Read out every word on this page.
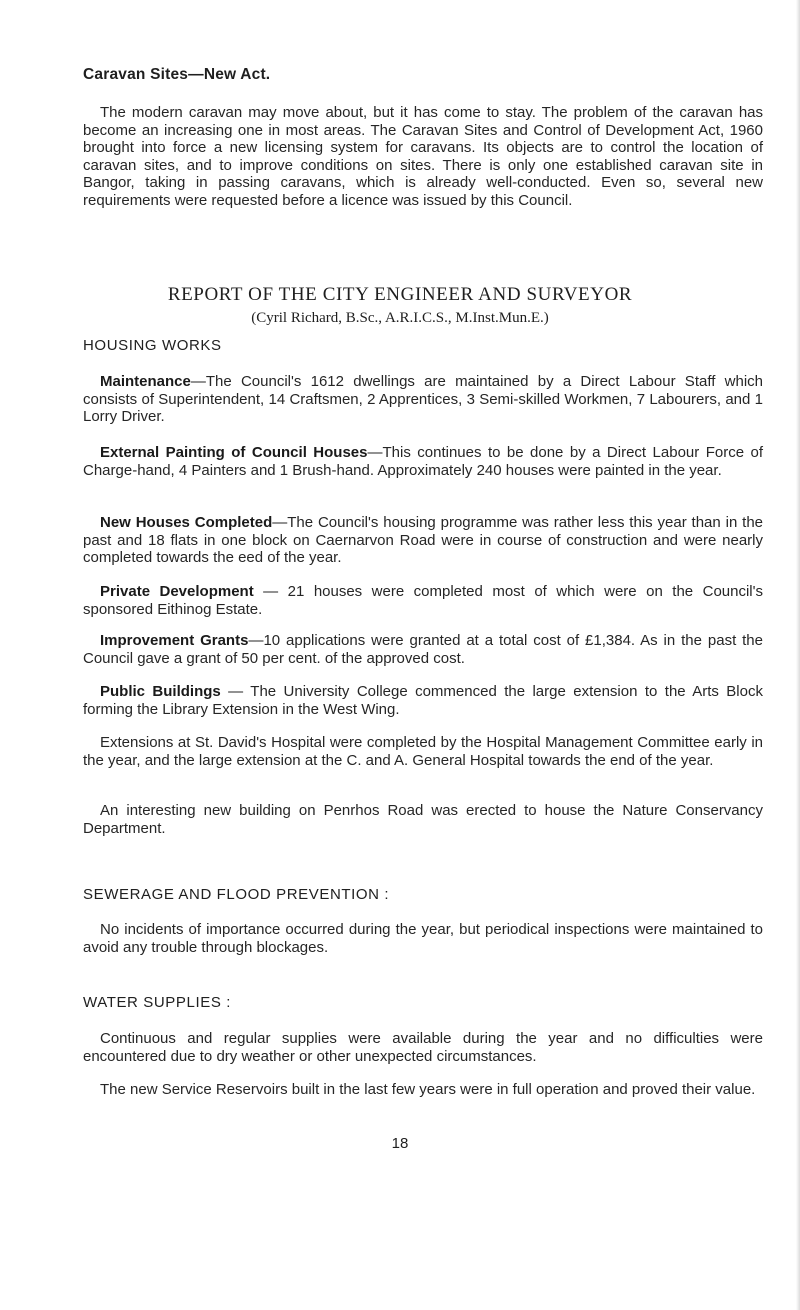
Caravan Sites—New Act.

The modern caravan may move about, but it has come to stay. The problem of the caravan has become an increasing one in most areas. The Caravan Sites and Control of Development Act, 1960 brought into force a new licensing system for caravans. Its objects are to control the location of caravan sites, and to improve conditions on sites. There is only one established caravan site in Bangor, taking in passing caravans, which is already well-conducted. Even so, several new requirements were requested before a licence was issued by this Council.

REPORT OF THE CITY ENGINEER AND SURVEYOR
(Cyril Richard, B.Sc., A.R.I.C.S., M.Inst.Mun.E.)
HOUSING WORKS

Maintenance—The Council's 1612 dwellings are maintained by a Direct Labour Staff which consists of Superintendent, 14 Craftsmen, 2 Apprentices, 3 Semi-skilled Workmen, 7 Labourers, and 1 Lorry Driver.

External Painting of Council Houses—This continues to be done by a Direct Labour Force of Charge-hand, 4 Painters and 1 Brush-hand. Approximately 240 houses were painted in the year.

New Houses Completed—The Council's housing programme was rather less this year than in the past and 18 flats in one block on Caernarvon Road were in course of construction and were nearly completed towards the eed of the year.

Private Development — 21 houses were completed most of which were on the Council's sponsored Eithinog Estate.

Improvement Grants—10 applications were granted at a total cost of £1,384. As in the past the Council gave a grant of 50 per cent. of the approved cost.

Public Buildings — The University College commenced the large extension to the Arts Block forming the Library Extension in the West Wing.

Extensions at St. David's Hospital were completed by the Hospital Management Committee early in the year, and the large extension at the C. and A. General Hospital towards the end of the year.

An interesting new building on Penrhos Road was erected to house the Nature Conservancy Department.

SEWERAGE AND FLOOD PREVENTION :

No incidents of importance occurred during the year, but periodical inspections were maintained to avoid any trouble through blockages.

WATER SUPPLIES :

Continuous and regular supplies were available during the year and no difficulties were encountered due to dry weather or other unexpected circumstances.

The new Service Reservoirs built in the last few years were in full operation and proved their value.

18
